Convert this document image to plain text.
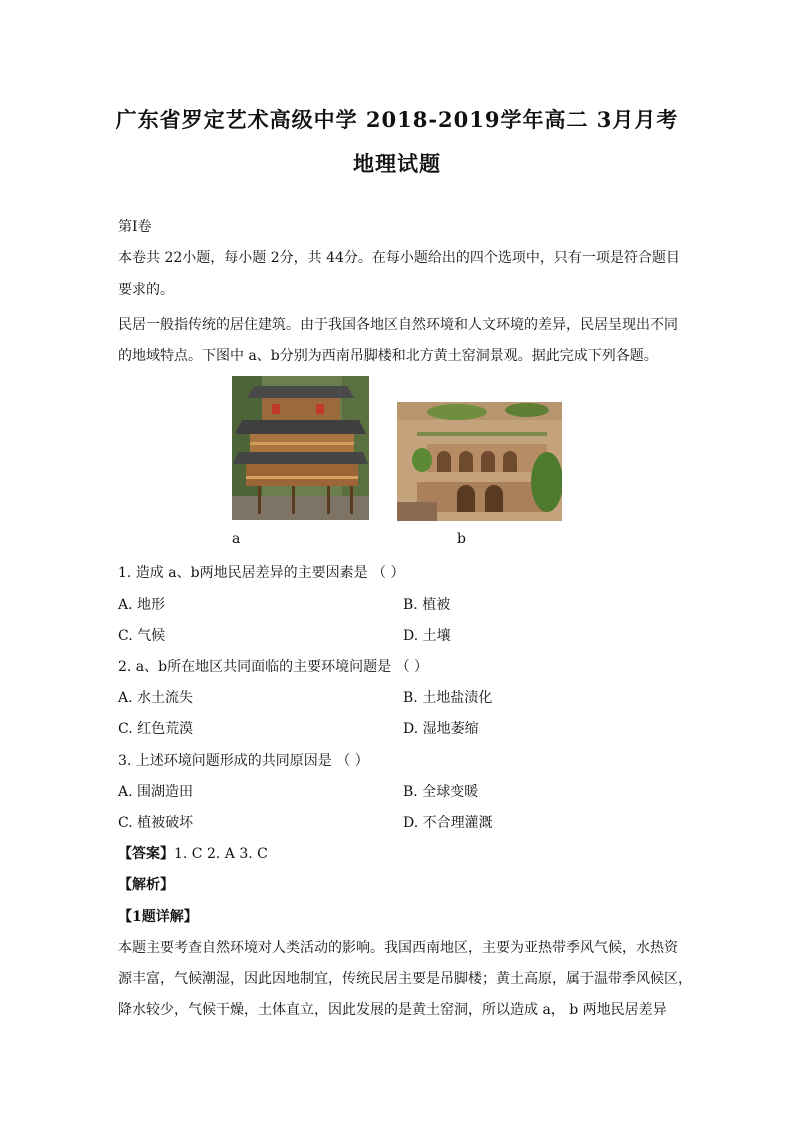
广东省罗定艺术高级中学 2018-2019学年高二 3月月考
地理试题
第I卷
本卷共 22小题，每小题 2分，共 44分。在每小题给出的四个选项中，只有一项是符合题目
要求的。
民居一般指传统的居住建筑。由于我国各地区自然环境和人文环境的差异，民居呈现出不同
的地域特点。下图中 a、b分别为西南吊脚楼和北方黄土窑洞景观。据此完成下列各题。
a	b
1. 造成 a、b两地民居差异的主要因素是 （ ）
A. 地形	B. 植被
C. 气候	D. 土壤
2. a、b所在地区共同面临的主要环境问题是 （ ）
A. 水土流失	B. 土地盐渍化
C. 红色荒漠	D. 湿地萎缩
3. 上述环境问题形成的共同原因是 （ ）
A. 围湖造田	B. 全球变暖
C. 植被破坏	D. 不合理灌溉
【答案】1. C 2. A 3. C
【解析】
【1题详解】
本题主要考查自然环境对人类活动的影响。我国西南地区，主要为亚热带季风气候，水热资
源丰富，气候潮湿，因此因地制宜，传统民居主要是吊脚楼；黄土高原，属于温带季风候区，
降水较少，气候干燥，土体直立，因此发展的是黄土窑洞，所以造成 a， b 两地民居差异
